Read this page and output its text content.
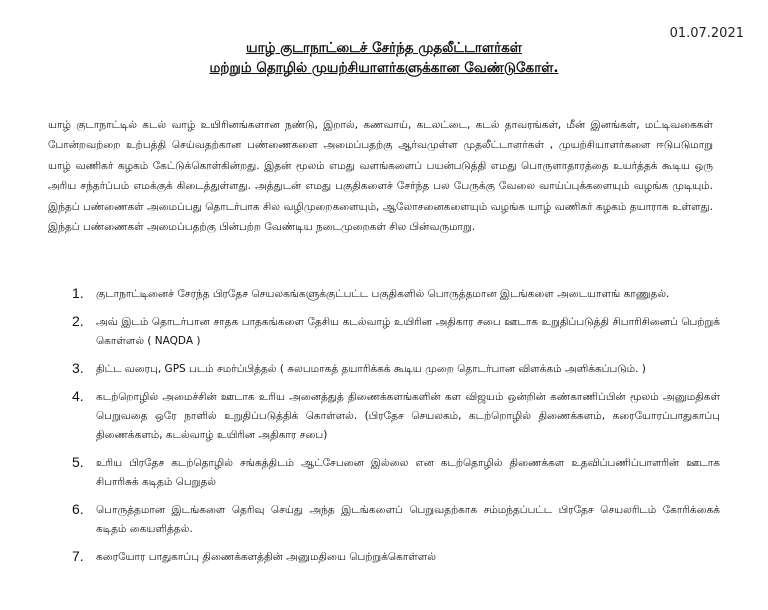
01.07.2021
யாழ் குடாநாட்டைச் சேர்ந்த முதலீட்டாளர்கள்
மற்றும் தொழில் முயற்சியாளர்களுக்கான வேண்டுகோள்.

யாழ் குடாநாட்டில் கடல் வாழ் உயிரினங்களான நண்டு, இறால், கணவாய், கடலட்டை, கடல் தாவரங்கள், மீன் இனங்கள், மட்டிவகைகள் போன்றவற்றை உற்பத்தி செய்வதற்கான பண்ணைகளை அமைப்பதற்கு ஆர்வமுள்ள முதலீட்டாளர்கள் , முயற்சியாளர்களை ஈடுபடுமாறு யாழ் வணிகர் கழகம் கேட்டுக்கொள்கின்றது. இதன் மூலம் எமது வளங்களைப் பயன்படுத்தி எமது பொருளாதாரத்தை உயர்த்தக் கூடிய ஒரு அரிய சந்தர்ப்பம் எமக்குக் கிடைத்துள்ளது. அத்துடன் எமது பகுதிகளைச் சேர்ந்த பல பேருக்கு வேலை வாய்ப்புக்களையும் வழங்க முடியும். இந்தப் பண்ணைகள் அமைப்பது தொடர்பாக சில வழிமுறைகளையும், ஆலோசனைகளையும் வழங்க யாழ் வணிகர் கழகம் தயாராக உள்ளது. இந்தப் பண்ணைகள் அமைப்பதற்கு பின்பற்ற வேண்டிய நடைமுறைகள் சில பின்வருமாறு.

1. குடாநாட்டினைச் சேரந்த பிரதேச செயலகங்களுக்குட்பட்ட பகுதிகளில் பொருத்தமான இடங்களை அடையாளங் காணுதல்.
2. அவ் இடம் தொடர்பான சாதக பாதகங்களை தேசிய கடல்வாழ் உயிரின அதிகார சபை ஊடாக உறுதிப்படுத்தி சிபாரிசினைப் பெற்றுக் கொள்ளல் ( NAQDA )
3. திட்ட வரைபு, GPS படம் சமர்ப்பித்தல் ( சுலபமாகத் தயாரிக்கக் கூடிய முறை தொடர்பான விளக்கம் அளிக்கப்படும். )
4. கடற்றொழில் அமைச்சின் ஊடாக உரிய அனைத்துத் திணைக்களங்களின் கள விஜயம் ஒன்றின் கண்காணிப்பின் மூலம் அனுமதிகள் பெறுவதை ஒரே நாளில் உறுதிப்படுத்திக் கொள்ளல். (பிரதேச செயலகம், கடற்றொழில் திணைக்களம், கரையோரப்பாதுகாப்பு திணைக்களம், கடல்வாழ் உயிரின அதிகார சபை)
5. உரிய பிரதேச கடற்தொழில் சங்கத்திடம் ஆட்சேபனை இல்லை என கடற்தொழில் திணைக்கள உதவிப்பணிப்பாளரின் ஊடாக சிபாரிசுக் கடிதம் பெறுதல்
6. பொருத்தமான இடங்களை தெரிவு செய்து அந்த இடங்களைப் பெறுவதற்காக சம்மந்தப்பட்ட பிரதேச செயலரிடம் கோரிக்கைக் கடிதம் கையளித்தல்.
7. கரையோர பாதுகாப்பு திணைக்களத்தின் அனுமதியை பெற்றுக்கொள்ளல்
